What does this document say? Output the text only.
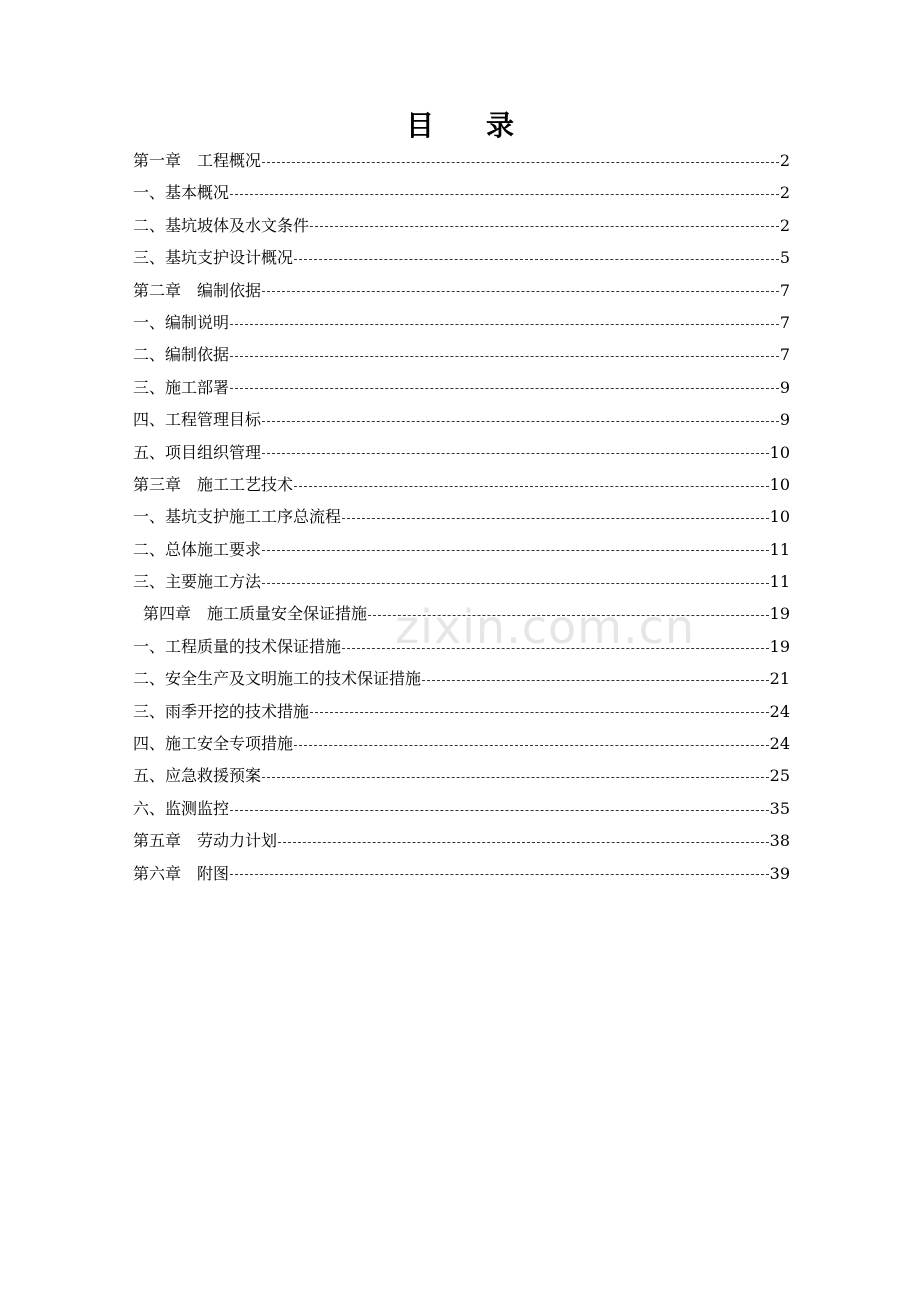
目 录
第一章 工程概况	2
一、基本概况	2
二、基坑坡体及水文条件	2
三、基坑支护设计概况	5
第二章 编制依据	7
一、编制说明	7
二、编制依据	7
三、施工部署	9
四、工程管理目标	9
五、项目组织管理	10
第三章 施工工艺技术	10
一、基坑支护施工工序总流程	10
二、总体施工要求	11
三、主要施工方法	11
第四章 施工质量安全保证措施	19
一、工程质量的技术保证措施	19
二、安全生产及文明施工的技术保证措施	21
三、雨季开挖的技术措施	24
四、施工安全专项措施	24
五、应急救援预案	25
六、监测监控	35
第五章 劳动力计划	38
第六章 附图	39
zixin.com.cn
